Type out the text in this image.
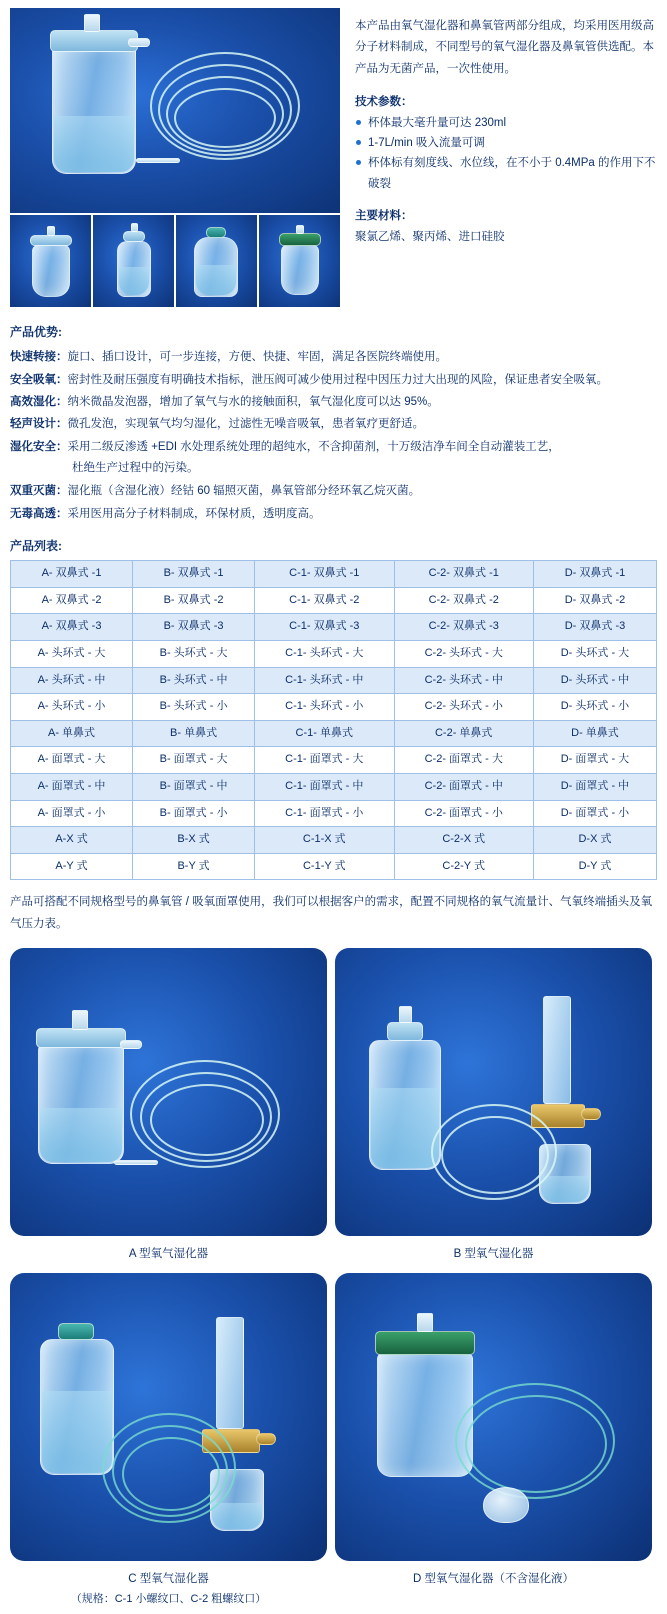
本产品由氧气湿化器和鼻氧管两部分组成，均采用医用级高分子材料制成，不同型号的氧气湿化器及鼻氧管供选配。本产品为无菌产品，一次性使用。
技术参数：
杯体最大毫升量可达 230ml
1-7L/min 吸入流量可调
杯体标有刻度线、水位线，在不小于 0.4MPa 的作用下不破裂
主要材料：
聚氯乙烯、聚丙烯、进口硅胶
产品优势:
快速转接： 旋口、插口设计，可一步连接，方便、快捷、牢固，满足各医院终端使用。
安全吸氧： 密封性及耐压强度有明确技术指标，泄压阀可减少使用过程中因压力过大出现的风险，保证患者安全吸氧。
高效湿化： 纳米微晶发泡器，增加了氧气与水的接触面积，氧气湿化度可以达 95%。
轻声设计： 微孔发泡，实现氧气均匀湿化，过滤性无噪音吸氧，患者氧疗更舒适。
湿化安全： 采用二级反渗透 +EDI 水处理系统处理的超纯水，不含抑菌剂，十万级洁净车间全自动灌装工艺，
杜绝生产过程中的污染。
双重灭菌： 湿化瓶（含湿化液）经钴 60 辐照灭菌，鼻氧管部分经环氧乙烷灭菌。
无毒高透： 采用医用高分子材料制成，环保材质，透明度高。
产品列表:
A- 双鼻式 -1	B- 双鼻式 -1	C-1- 双鼻式 -1	C-2- 双鼻式 -1	D- 双鼻式 -1
A- 双鼻式 -2	B- 双鼻式 -2	C-1- 双鼻式 -2	C-2- 双鼻式 -2	D- 双鼻式 -2
A- 双鼻式 -3	B- 双鼻式 -3	C-1- 双鼻式 -3	C-2- 双鼻式 -3	D- 双鼻式 -3
A- 头环式 - 大	B- 头环式 - 大	C-1- 头环式 - 大	C-2- 头环式 - 大	D- 头环式 - 大
A- 头环式 - 中	B- 头环式 - 中	C-1- 头环式 - 中	C-2- 头环式 - 中	D- 头环式 - 中
A- 头环式 - 小	B- 头环式 - 小	C-1- 头环式 - 小	C-2- 头环式 - 小	D- 头环式 - 小
A- 单鼻式	B- 单鼻式	C-1- 单鼻式	C-2- 单鼻式	D- 单鼻式
A- 面罩式 - 大	B- 面罩式 - 大	C-1- 面罩式 - 大	C-2- 面罩式 - 大	D- 面罩式 - 大
A- 面罩式 - 中	B- 面罩式 - 中	C-1- 面罩式 - 中	C-2- 面罩式 - 中	D- 面罩式 - 中
A- 面罩式 - 小	B- 面罩式 - 小	C-1- 面罩式 - 小	C-2- 面罩式 - 小	D- 面罩式 - 小
A-X 式	B-X 式	C-1-X 式	C-2-X 式	D-X 式
A-Y 式	B-Y 式	C-1-Y 式	C-2-Y 式	D-Y 式
产品可搭配不同规格型号的鼻氧管 / 吸氧面罩使用，我们可以根据客户的需求，配置不同规格的氧气流量计、气氧终端插头及氧气压力表。
A 型氧气湿化器	B 型氧气湿化器
C 型氧气湿化器
（规格：C-1 小螺纹口、C-2 粗螺纹口）
D 型氧气湿化器（不含湿化液）
